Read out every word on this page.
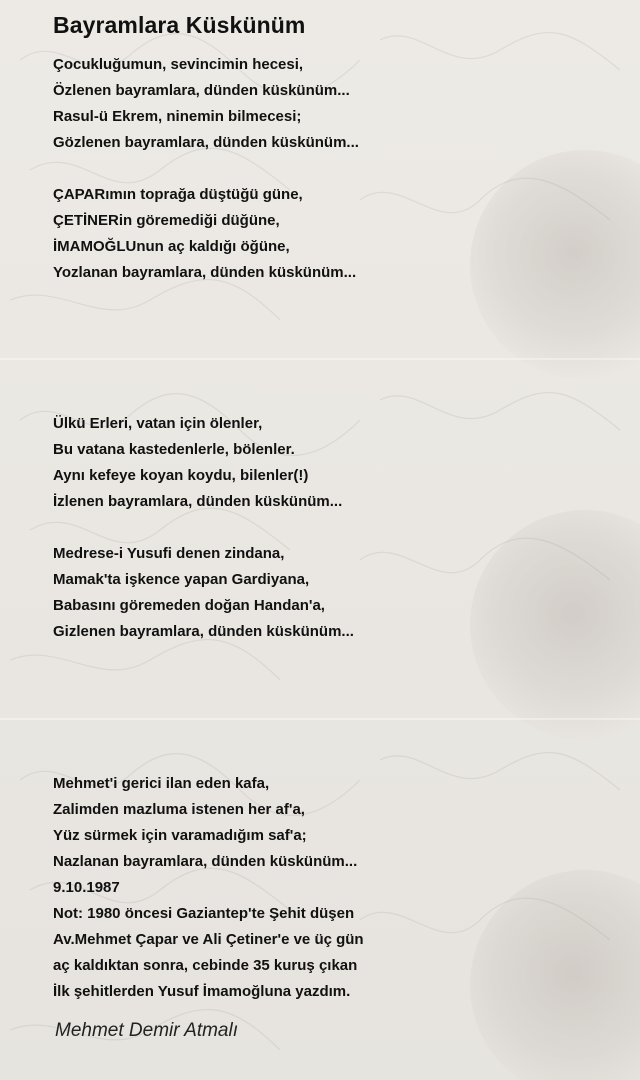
Bayramlara Küskünüm
Çocukluğumun, sevincimin hecesi,
Özlenen bayramlara, dünden küskünüm...
Rasul-ü Ekrem, ninemin bilmecesi;
Gözlenen bayramlara, dünden küskünüm...
ÇAPARımın toprağa düştüğü güne,
ÇETİNERin göremediği düğüne,
İMAMOĞLUnun aç kaldığı öğüne,
Yozlanan bayramlara, dünden küskünüm...
Ülkü Erleri, vatan için ölenler,
Bu vatana kastedenlerle, bölenler.
Aynı kefeye koyan koydu, bilenler(!)
İzlenen bayramlara, dünden küskünüm...
Medrese-i Yusufi denen zindana,
Mamak'ta işkence yapan Gardiyana,
Babasını göremeden doğan Handan'a,
Gizlenen bayramlara, dünden küskünüm...
Mehmet'i gerici ilan eden kafa,
Zalimden mazluma istenen her af'a,
Yüz sürmek için varamadığım saf'a;
Nazlanan bayramlara, dünden küskünüm...
9.10.1987
Not: 1980 öncesi Gaziantep'te Şehit düşen
Av.Mehmet Çapar ve Ali Çetiner'e ve üç gün
aç kaldıktan sonra, cebinde 35 kuruş çıkan
İlk şehitlerden Yusuf İmamoğluna yazdım.
Mehmet Demir Atmalı
